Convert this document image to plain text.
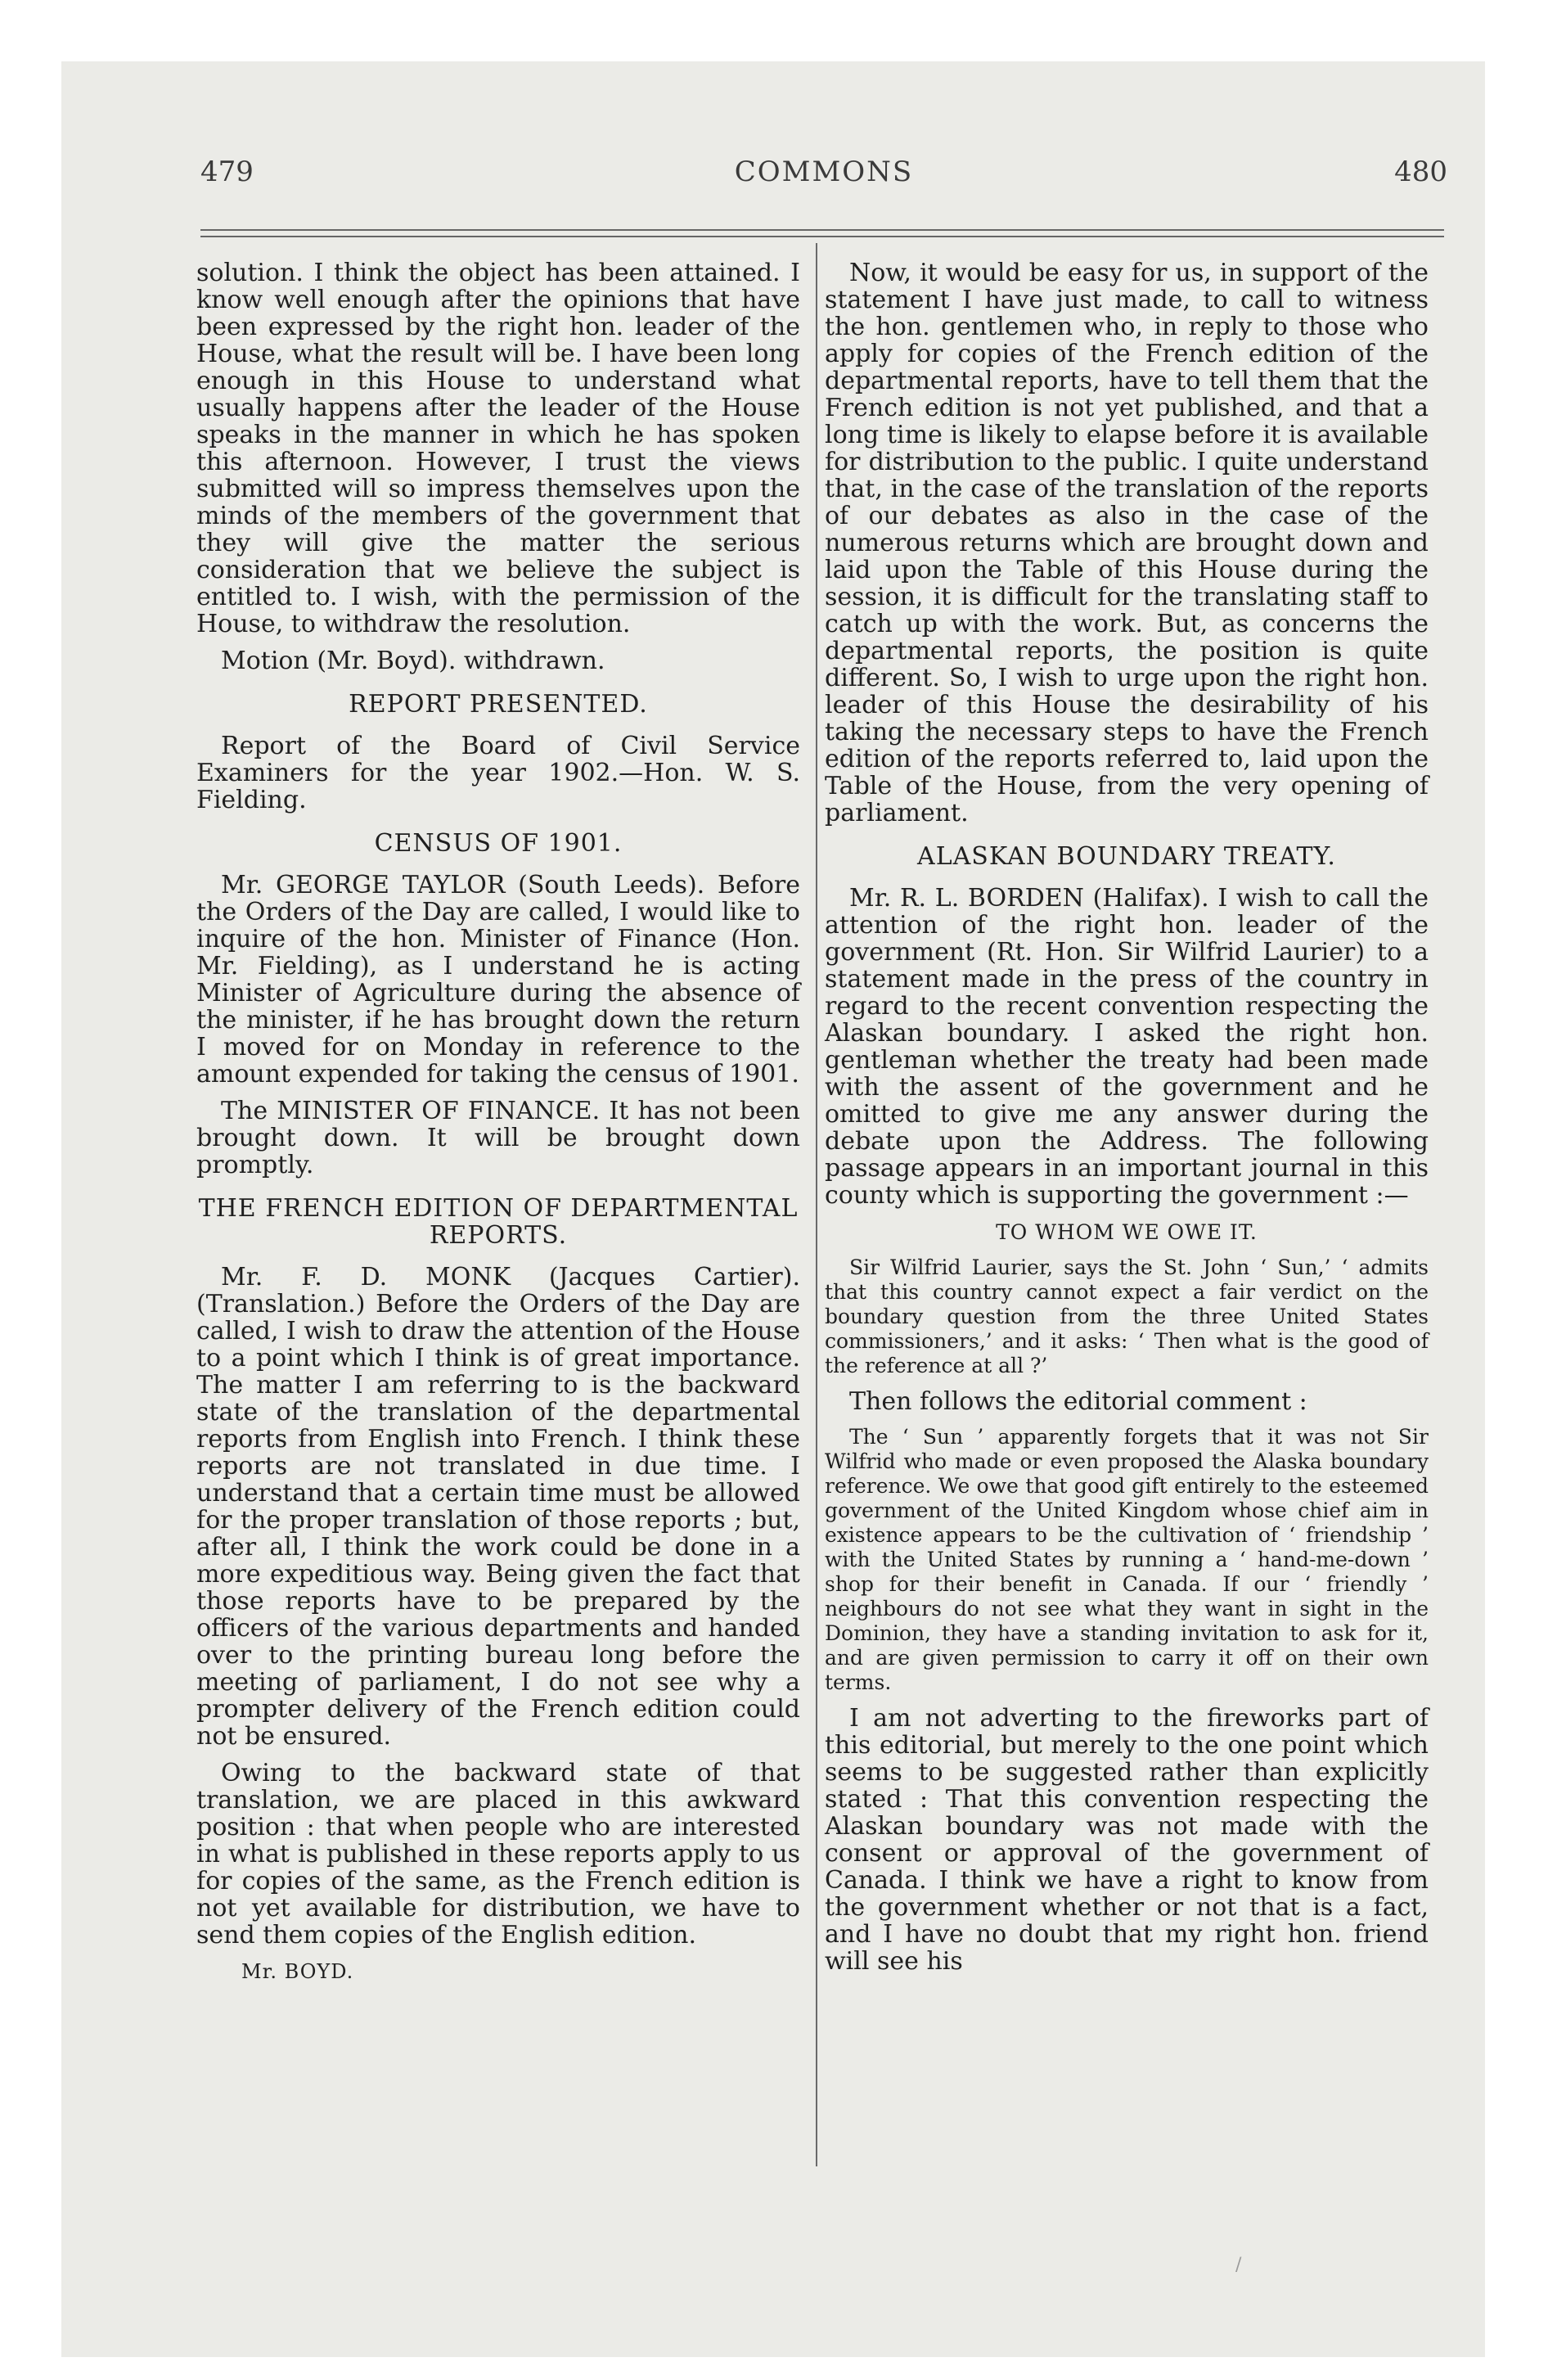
479	COMMONS	480

solution. I think the object has been attained. I know well enough after the opinions that have been expressed by the right hon. leader of the House, what the result will be. I have been long enough in this House to understand what usually happens after the leader of the House speaks in the manner in which he has spoken this afternoon. However, I trust the views submitted will so impress themselves upon the minds of the members of the government that they will give the matter the serious consideration that we believe the subject is entitled to. I wish, with the permission of the House, to withdraw the resolution.

Motion (Mr. Boyd). withdrawn.

REPORT PRESENTED.

Report of the Board of Civil Service Examiners for the year 1902.—Hon. W. S. Fielding.

CENSUS OF 1901.

Mr. GEORGE TAYLOR (South Leeds). Before the Orders of the Day are called, I would like to inquire of the hon. Minister of Finance (Hon. Mr. Fielding), as I understand he is acting Minister of Agriculture during the absence of the minister, if he has brought down the return I moved for on Monday in reference to the amount expended for taking the census of 1901.

The MINISTER OF FINANCE. It has not been brought down. It will be brought down promptly.

THE FRENCH EDITION OF DEPARTMENTAL REPORTS.

Mr. F. D. MONK (Jacques Cartier). (Translation.) Before the Orders of the Day are called, I wish to draw the attention of the House to a point which I think is of great importance. The matter I am referring to is the backward state of the translation of the departmental reports from English into French. I think these reports are not translated in due time. I understand that a certain time must be allowed for the proper translation of those reports ; but, after all, I think the work could be done in a more expeditious way. Being given the fact that those reports have to be prepared by the officers of the various departments and handed over to the printing bureau long before the meeting of parliament, I do not see why a prompter delivery of the French edition could not be ensured.

Owing to the backward state of that translation, we are placed in this awkward position : that when people who are interested in what is published in these reports apply to us for copies of the same, as the French edition is not yet available for distribution, we have to send them copies of the English edition.

Mr. BOYD.

Now, it would be easy for us, in support of the statement I have just made, to call to witness the hon. gentlemen who, in reply to those who apply for copies of the French edition of the departmental reports, have to tell them that the French edition is not yet published, and that a long time is likely to elapse before it is available for distribution to the public. I quite understand that, in the case of the translation of the reports of our debates as also in the case of the numerous returns which are brought down and laid upon the Table of this House during the session, it is difficult for the translating staff to catch up with the work. But, as concerns the departmental reports, the position is quite different. So, I wish to urge upon the right hon. leader of this House the desirability of his taking the necessary steps to have the French edition of the reports referred to, laid upon the Table of the House, from the very opening of parliament.

ALASKAN BOUNDARY TREATY.

Mr. R. L. BORDEN (Halifax). I wish to call the attention of the right hon. leader of the government (Rt. Hon. Sir Wilfrid Laurier) to a statement made in the press of the country in regard to the recent convention respecting the Alaskan boundary. I asked the right hon. gentleman whether the treaty had been made with the assent of the government and he omitted to give me any answer during the debate upon the Address. The following passage appears in an important journal in this county which is supporting the government :—

TO WHOM WE OWE IT.

Sir Wilfrid Laurier, says the St. John ‘ Sun,’ ‘ admits that this country cannot expect a fair verdict on the boundary question from the three United States commissioners,’ and it asks: ‘ Then what is the good of the reference at all ?’

Then follows the editorial comment :

The ‘ Sun ’ apparently forgets that it was not Sir Wilfrid who made or even proposed the Alaska boundary reference. We owe that good gift entirely to the esteemed government of the United Kingdom whose chief aim in existence appears to be the cultivation of ‘ friendship ’ with the United States by running a ‘ hand-me-down ’ shop for their benefit in Canada. If our ‘ friendly ’ neighbours do not see what they want in sight in the Dominion, they have a standing invitation to ask for it, and are given permission to carry it off on their own terms.

I am not adverting to the fireworks part of this editorial, but merely to the one point which seems to be suggested rather than explicitly stated : That this convention respecting the Alaskan boundary was not made with the consent or approval of the government of Canada. I think we have a right to know from the government whether or not that is a fact, and I have no doubt that my right hon. friend will see his

/
